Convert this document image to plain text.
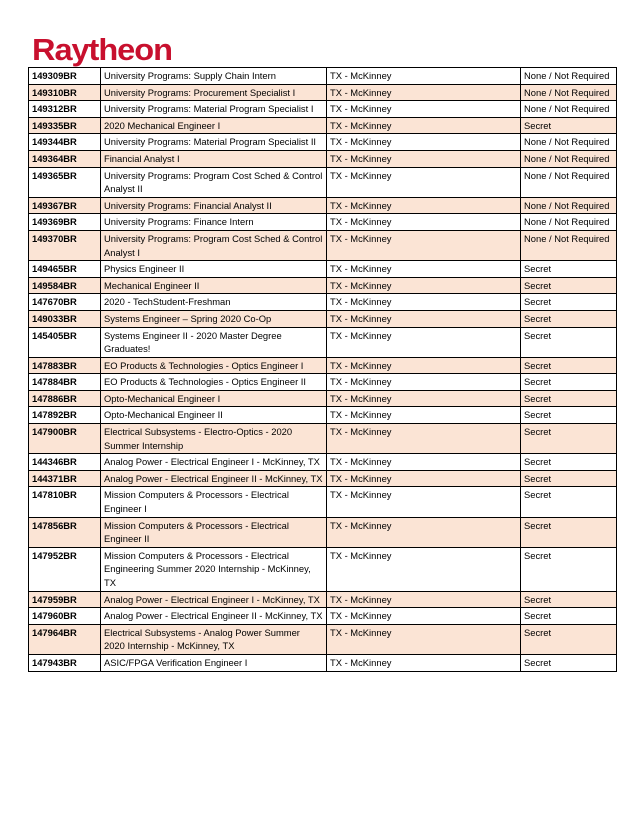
Raytheon
149309BR	University Programs: Supply Chain Intern	TX - McKinney	None / Not Required
149310BR	University Programs: Procurement Specialist I	TX - McKinney	None / Not Required
149312BR	University Programs: Material Program Specialist I	TX - McKinney	None / Not Required
149335BR	2020 Mechanical Engineer I	TX - McKinney	Secret
149344BR	University Programs: Material Program Specialist II	TX - McKinney	None / Not Required
149364BR	Financial Analyst I	TX - McKinney	None / Not Required
149365BR	University Programs: Program Cost Sched & Control Analyst II	TX - McKinney	None / Not Required
149367BR	University Programs: Financial Analyst II	TX - McKinney	None / Not Required
149369BR	University Programs: Finance Intern	TX - McKinney	None / Not Required
149370BR	University Programs: Program Cost Sched & Control Analyst I	TX - McKinney	None / Not Required
149465BR	Physics Engineer II	TX - McKinney	Secret
149584BR	Mechanical Engineer II	TX - McKinney	Secret
147670BR	2020 - TechStudent-Freshman	TX - McKinney	Secret
149033BR	Systems Engineer – Spring 2020 Co-Op	TX - McKinney	Secret
145405BR	Systems Engineer II - 2020 Master Degree Graduates!	TX - McKinney	Secret
147883BR	EO Products & Technologies - Optics Engineer I	TX - McKinney	Secret
147884BR	EO Products & Technologies - Optics Engineer II	TX - McKinney	Secret
147886BR	Opto-Mechanical Engineer I	TX - McKinney	Secret
147892BR	Opto-Mechanical Engineer II	TX - McKinney	Secret
147900BR	Electrical Subsystems - Electro-Optics - 2020 Summer Internship	TX - McKinney	Secret
144346BR	Analog Power - Electrical Engineer I - McKinney, TX	TX - McKinney	Secret
144371BR	Analog Power - Electrical Engineer II - McKinney, TX	TX - McKinney	Secret
147810BR	Mission Computers & Processors - Electrical Engineer I	TX - McKinney	Secret
147856BR	Mission Computers & Processors - Electrical Engineer II	TX - McKinney	Secret
147952BR	Mission Computers & Processors - Electrical Engineering Summer 2020 Internship - McKinney, TX	TX - McKinney	Secret
147959BR	Analog Power - Electrical Engineer I - McKinney, TX	TX - McKinney	Secret
147960BR	Analog Power - Electrical Engineer II - McKinney, TX	TX - McKinney	Secret
147964BR	Electrical Subsystems - Analog Power Summer 2020 Internship - McKinney, TX	TX - McKinney	Secret
147943BR	ASIC/FPGA Verification Engineer I	TX - McKinney	Secret
